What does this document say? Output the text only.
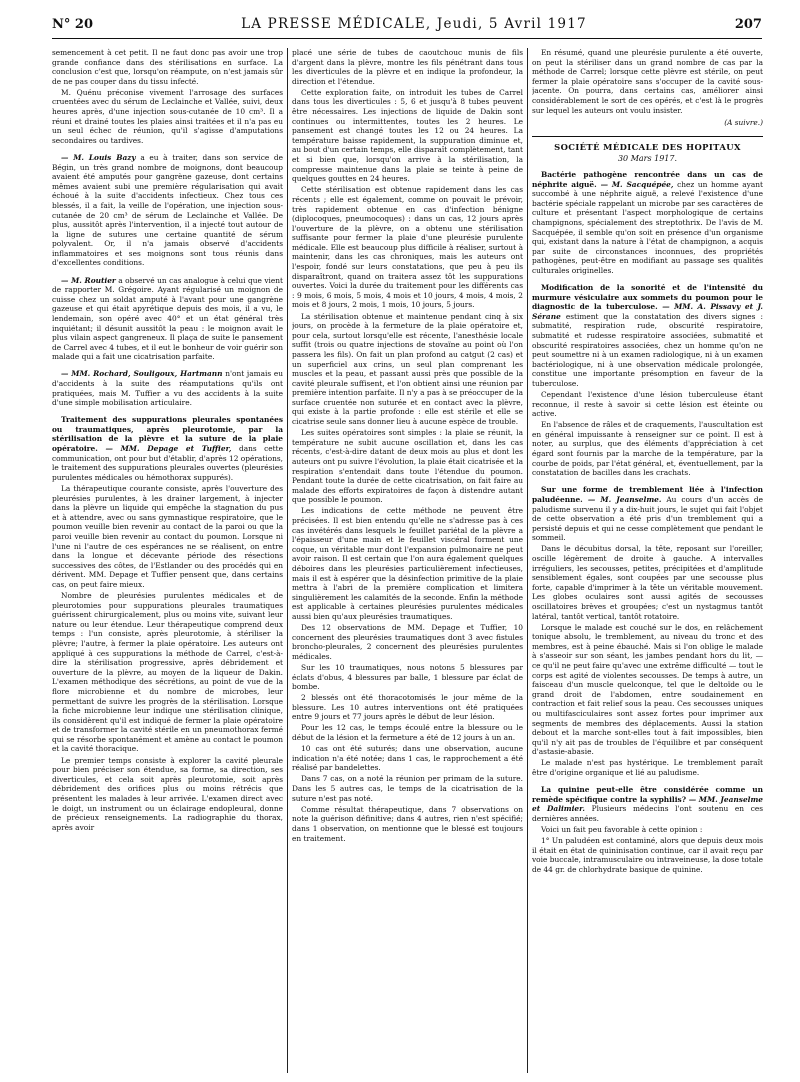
N° 20	LA PRESSE MÉDICALE, Jeudi, 5 Avril 1917	207

semencement à cet petit. Il ne faut donc pas avoir une trop grande confiance dans des stérilisations en surface. La conclusion c'est que, lorsqu'on réampute, on n'est jamais sûr de ne pas couper dans du tissu infecté.

M. Quénu préconise vivement l'arrosage des surfaces cruentées avec du sérum de Leclainche et Vallée, suivi, deux heures après, d'une injection sous-cutanée de 10 cm³. Il a réuni et drainé toutes les plaies ainsi traitées et il n'a pas eu un seul échec de réunion, qu'il s'agisse d'amputations secondaires ou tardives.

— M. Louis Bazy a eu à traiter, dans son service de Bégin, un très grand nombre de moignons, dont beaucoup avaient été amputés pour gangrène gazeuse, dont certains mêmes avaient subi une première régularisation qui avait échoué à la suite d'accidents infectieux. Chez tous ces blessés, il a fait, la veille de l'opération, une injection sous-cutanée de 20 cm³ de sérum de Leclainche et Vallée. De plus, aussitôt après l'intervention, il a injecté tout autour de la ligne de sutures une certaine quantité de sérum polyvalent. Or, il n'a jamais observé d'accidents inflammatoires et ses moignons sont tous réunis dans d'excellentes conditions.

— M. Routier a observé un cas analogue à celui que vient de rapporter M. Grégoire. Ayant régularisé un moignon de cuisse chez un soldat amputé à l'avant pour une gangrène gazeuse et qui était apyrétique depuis des mois, il a vu, le lendemain, son opéré avec 40° et un état général très inquiétant; il désunit aussitôt la peau : le moignon avait le plus vilain aspect gangreneux. Il plaça de suite le pansement de Carrel avec 4 tubes, et il eut le bonheur de voir guérir son malade qui a fait une cicatrisation parfaite.

— MM. Rochard, Souligoux, Hartmann n'ont jamais eu d'accidents à la suite des réamputations qu'ils ont pratiquées, mais M. Tuffier a vu des accidents à la suite d'une simple mobilisation articulaire.

Traitement des suppurations pleurales spontanées ou traumatiques, après pleurotomie, par la stérilisation de la plèvre et la suture de la plaie opératoire. — MM. Depage et Tuffier, dans cette communication, ont pour but d'établir, d'après 12 opérations, le traitement des suppurations pleurales ouvertes (pleurésies purulentes médicales ou hémothorax suppurés).

La thérapeutique courante consiste, après l'ouverture des pleurésies purulentes, à les drainer largement, à injecter dans la plèvre un liquide qui empêche la stagnation du pus et à attendre, avec ou sans gymnastique respiratoire, que le poumon veuille bien revenir au contact de la paroi ou que la paroi veuille bien revenir au contact du poumon. Lorsque ni l'une ni l'autre de ces espérances ne se réalisent, on entre dans la longue et décevante période des résections successives des côtes, de l'Estlander ou des procédés qui en dérivent. MM. Depage et Tuffier pensent que, dans certains cas, on peut faire mieux.

Nombre de pleurésies purulentes médicales et de pleurotomies pour suppurations pleurales traumatiques guérissent chirurgicalement, plus ou moins vite, suivant leur nature ou leur étendue. Leur thérapeutique comprend deux temps : l'un consiste, après pleurotomie, à stériliser la plèvre; l'autre, à fermer la plaie opératoire. Les auteurs ont appliqué à ces suppurations la méthode de Carrel, c'est-à-dire la stérilisation progressive, après débridement et ouverture de la plèvre, au moyen de la liqueur de Dakin. L'examen méthodique des sécrétions, au point de vue de la flore microbienne et du nombre de microbes, leur permettant de suivre les progrès de la stérilisation. Lorsque la fiche microbienne leur indique une stérilisation clinique, ils considèrent qu'il est indiqué de fermer la plaie opératoire et de transformer la cavité stérile en un pneumothorax fermé qui se résorbe spontanément et amène au contact le poumon et la cavité thoracique.

Le premier temps consiste à explorer la cavité pleurale pour bien préciser son étendue, sa forme, sa direction, ses diverticules, et cela soit après pleurotomie, soit après débridement des orifices plus ou moins rétrécis que présentent les malades à leur arrivée. L'examen direct avec le doigt, un instrument ou un éclairage endopleural, donne de précieux renseignements. La radiographie du thorax, après avoir

placé une série de tubes de caoutchouc munis de fils d'argent dans la plèvre, montre les fils pénétrant dans tous les diverticules de la plèvre et en indique la profondeur, la direction et l'étendue.

Cette exploration faite, on introduit les tubes de Carrel dans tous les diverticules : 5, 6 et jusqu'à 8 tubes peuvent être nécessaires. Les injections de liquide de Dakin sont continues ou intermittentes, toutes les 2 heures. Le pansement est changé toutes les 12 ou 24 heures. La température baisse rapidement, la suppuration diminue et, au bout d'un certain temps, elle disparaît complètement, tant et si bien que, lorsqu'on arrive à la stérilisation, la compresse maintenue dans la plaie se teinte à peine de quelques gouttes en 24 heures.

Cette stérilisation est obtenue rapidement dans les cas récents ; elle est également, comme on pouvait le prévoir, très rapidement obtenue en cas d'infection bénigne (diplocoques, pneumocoques) : dans un cas, 12 jours après l'ouverture de la plèvre, on a obtenu une stérilisation suffisante pour fermer la plaie d'une pleurésie purulente médicale. Elle est beaucoup plus difficile à réaliser, surtout à maintenir, dans les cas chroniques, mais les auteurs ont l'espoir, fondé sur leurs constatations, que peu à peu ils disparaîtront, quand on traitera assez tôt les suppurations ouvertes. Voici la durée du traitement pour les différents cas : 9 mois, 6 mois, 5 mois, 4 mois et 10 jours, 4 mois, 4 mois, 2 mois et 8 jours, 2 mois, 1 mois, 10 jours, 5 jours.

La stérilisation obtenue et maintenue pendant cinq à six jours, on procède à la fermeture de la plaie opératoire et, pour cela, surtout lorsqu'elle est récente, l'anesthésie locale suffit (trois ou quatre injections de stovaïne au point où l'on passera les fils). On fait un plan profond au catgut (2 cas) et un superficiel aux crins, un seul plan comprenant les muscles et la peau, et passant aussi près que possible de la cavité pleurale suffisent, et l'on obtient ainsi une réunion par première intention parfaite. Il n'y a pas à se préoccuper de la surface cruentée non suturée et en contact avec la plèvre, qui existe à la partie profonde : elle est stérile et elle se cicatrise seule sans donner lieu à aucune espèce de trouble.

Les suites opératoires sont simples : la plaie se réunit, la température ne subit aucune oscillation et, dans les cas récents, c'est-à-dire datant de deux mois au plus et dont les auteurs ont pu suivre l'évolution, la plaie était cicatrisée et la respiration s'entendait dans toute l'étendue du poumon. Pendant toute la durée de cette cicatrisation, on fait faire au malade des efforts expiratoires de façon à distendre autant que possible le poumon.

Les indications de cette méthode ne peuvent être précisées. Il est bien entendu qu'elle ne s'adresse pas à ces cas invétérés dans lesquels le feuillet pariétal de la plèvre a l'épaisseur d'une main et le feuillet viscéral forment une coque, un véritable mur dont l'expansion pulmonaire ne peut avoir raison. Il est certain que l'on aura également quelques déboires dans les pleurésies particulièrement infectieuses, mais il est à espérer que la désinfection primitive de la plaie mettra à l'abri de la première complication et limitera singulièrement les calamités de la seconde. Enfin la méthode est applicable à certaines pleurésies purulentes médicales aussi bien qu'aux pleurésies traumatiques.

Des 12 observations de MM. Depage et Tuffier, 10 concernent des pleurésies traumatiques dont 3 avec fistules broncho-pleurales, 2 concernent des pleurésies purulentes médicales.

Sur les 10 traumatiques, nous notons 5 blessures par éclats d'obus, 4 blessures par balle, 1 blessure par éclat de bombe.

2 blessés ont été thoracotomisés le jour même de la blessure. Les 10 autres interventions ont été pratiquées entre 9 jours et 77 jours après le début de leur lésion.

Pour les 12 cas, le temps écoulé entre la blessure ou le début de la lésion et la fermeture a été de 12 jours à un an.

10 cas ont été suturés; dans une observation, aucune indication n'a été notée; dans 1 cas, le rapprochement a été réalisé par bandelettes.

Dans 7 cas, on a noté la réunion per primam de la suture. Dans les 5 autres cas, le temps de la cicatrisation de la suture n'est pas noté.

Comme résultat thérapeutique, dans 7 observations on note la guérison définitive; dans 4 autres, rien n'est spécifié; dans 1 observation, on mentionne que le blessé est toujours en traitement.

En résumé, quand une pleurésie purulente a été ouverte, on peut la stériliser dans un grand nombre de cas par la méthode de Carrel; lorsque cette plèvre est stérile, on peut fermer la plaie opératoire sans s'occuper de la cavité sous-jacente. On pourra, dans certains cas, améliorer ainsi considérablement le sort de ces opérés, et c'est là le progrès sur lequel les auteurs ont voulu insister.

(A suivre.)
SOCIÉTÉ MÉDICALE DES HOPITAUX
30 Mars 1917.

Bactérie pathogène rencontrée dans un cas de néphrite aiguë. — M. Sacquépée, chez un homme ayant succombé à une néphrite aiguë, a relevé l'existence d'une bactérie spéciale rappelant un microbe par ses caractères de culture et présentant l'aspect morphologique de certains champignons, spécialement des streptothrix. De l'avis de M. Sacquépée, il semble qu'on soit en présence d'un organisme qui, existant dans la nature à l'état de champignon, a acquis par suite de circonstances inconnues, des propriétés pathogènes, peut-être en modifiant au passage ses qualités culturales originelles.

Modification de la sonorité et de l'intensité du murmure vésiculaire aux sommets du poumon pour le diagnostic de la tuberculose. — MM. A. Pissavy et J. Sérane estiment que la constatation des divers signes : submatité, respiration rude, obscurité respiratoire, submatité et rudesse respiratoire associées, submatité et obscurité respiratoires associées, chez un homme qu'on ne peut soumettre ni à un examen radiologique, ni à un examen bactériologique, ni à une observation médicale prolongée, constitue une importante présomption en faveur de la tuberculose.

Cependant l'existence d'une lésion tuberculeuse étant reconnue, il reste à savoir si cette lésion est éteinte ou active.

En l'absence de râles et de craquements, l'auscultation est en général impuissante à renseigner sur ce point. Il est à noter, au surplus, que des éléments d'appréciation à cet égard sont fournis par la marche de la température, par la courbe de poids, par l'état général, et, éventuellement, par la constatation de bacilles dans les crachats.

Sur une forme de tremblement liée à l'infection paludéenne. — M. Jeanselme. Au cours d'un accès de paludisme survenu il y a dix-huit jours, le sujet qui fait l'objet de cette observation a été pris d'un tremblement qui a persisté depuis et qui ne cesse complètement que pendant le sommeil.

Dans le décubitus dorsal, la tête, reposant sur l'oreiller, oscille légèrement de droite à gauche. A intervalles irréguliers, les secousses, petites, précipitées et d'amplitude sensiblement égales, sont coupées par une secousse plus forte, capable d'imprimer à la tête un véritable mouvement. Les globes oculaires sont aussi agités de secousses oscillatoires brèves et groupées; c'est un nystagmus tantôt latéral, tantôt vertical, tantôt rotatoire.

Lorsque le malade est couché sur le dos, en relâchement tonique absolu, le tremblement, au niveau du tronc et des membres, est à peine ébauché. Mais si l'on oblige le malade à s'asseoir sur son séant, les jambes pendant hors du lit, — ce qu'il ne peut faire qu'avec une extrême difficulté — tout le corps est agité de violentes secousses. De temps à autre, un faisceau d'un muscle quelconque, tel que le deltoïde ou le grand droit de l'abdomen, entre soudainement en contraction et fait relief sous la peau. Ces secousses uniques ou multifasciculaires sont assez fortes pour imprimer aux segments de membres des déplacements. Aussi la station debout et la marche sont-elles tout à fait impossibles, bien qu'il n'y ait pas de troubles de l'équilibre et par conséquent d'astasie-abasie.

Le malade n'est pas hystérique. Le tremblement paraît être d'origine organique et lié au paludisme.

La quinine peut-elle être considérée comme un remède spécifique contre la syphilis? — MM. Jeanselme et Dalimier. Plusieurs médecins l'ont soutenu en ces dernières années.

Voici un fait peu favorable à cette opinion :

1° Un paludéen est contaminé, alors que depuis deux mois il était en état de quininisation continue, car il avait reçu par voie buccale, intramusculaire ou intraveineuse, la dose totale de 44 gr. de chlorhydrate basique de quinine.
